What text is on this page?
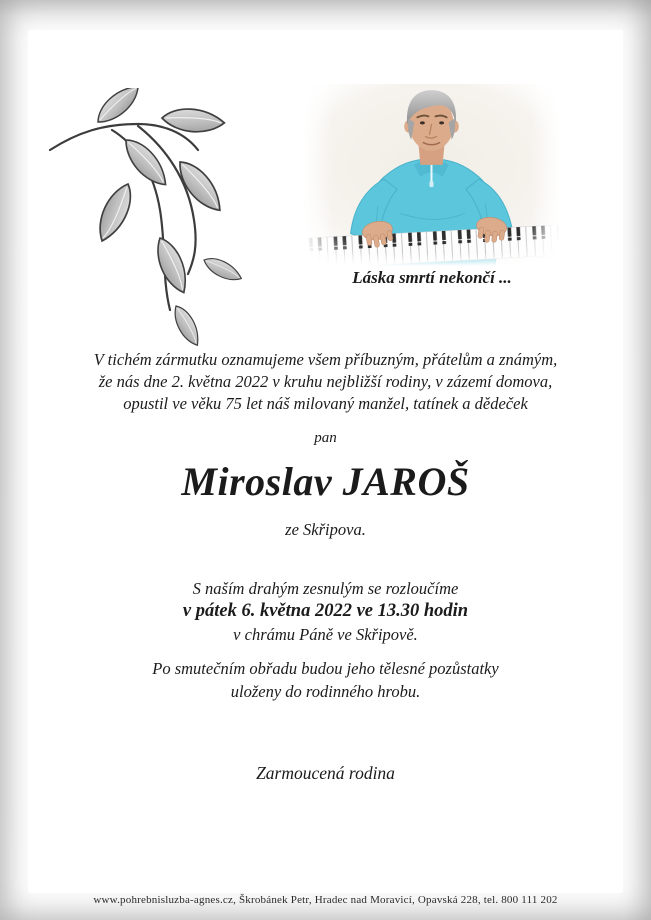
Láska smrtí nekončí ...
V tichém zármutku oznamujeme všem příbuzným, přátelům a známým,
že nás dne 2. května 2022 v kruhu nejbližší rodiny, v zázemí domova,
opustil ve věku 75 let náš milovaný manžel, tatínek a dědeček
pan
Miroslav JAROŠ
ze Skřipova.
S naším drahým zesnulým se rozloučíme
v pátek 6. května 2022 ve 13.30 hodin
v chrámu Páně ve Skřipově.
Po smutečním obřadu budou jeho tělesné pozůstatky
uloženy do rodinného hrobu.
Zarmoucená rodina
www.pohrebnisluzba-agnes.cz, Škrobánek Petr, Hradec nad Moravicí, Opavská 228, tel. 800 111 202
